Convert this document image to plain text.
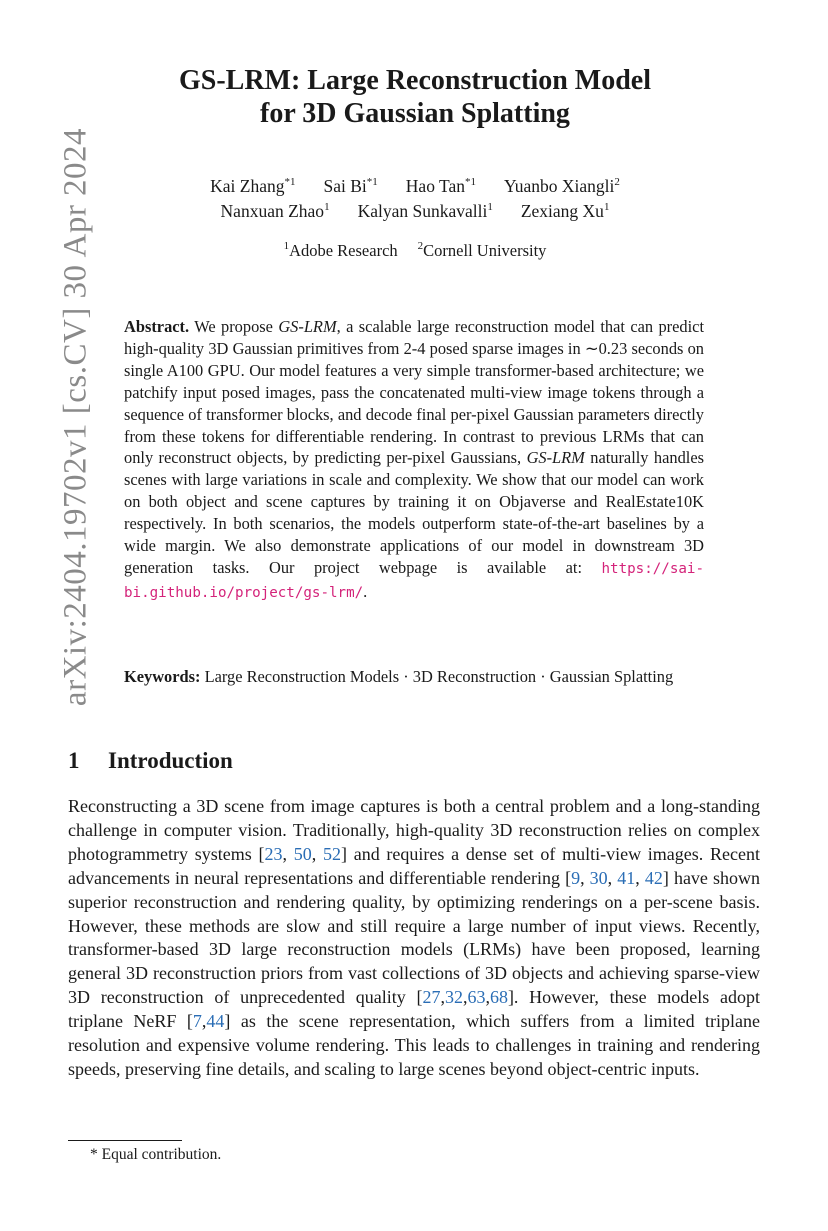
arXiv:2404.19702v1 [cs.CV] 30 Apr 2024
GS-LRM: Large Reconstruction Model
for 3D Gaussian Splatting
Kai Zhang$^{*1}$ Sai Bi$^{*1}$ Hao Tan$^{*1}$ Yuanbo Xiangli$^2$
Nanxuan Zhao$^1$ Kalyan Sunkavalli$^1$ Zexiang Xu$^1$
$^1$Adobe Research $^2$Cornell University
Abstract. We propose GS-LRM, a scalable large reconstruction model that can predict high-quality 3D Gaussian primitives from 2-4 posed sparse images in ∼0.23 seconds on single A100 GPU. Our model features a very simple transformer-based architecture; we patchify input posed images, pass the concatenated multi-view image tokens through a sequence of transformer blocks, and decode final per-pixel Gaussian parameters directly from these tokens for differentiable rendering. In contrast to previous LRMs that can only reconstruct objects, by predicting per-pixel Gaussians, GS-LRM naturally handles scenes with large variations in scale and complexity. We show that our model can work on both object and scene captures by training it on Objaverse and RealEstate10K respectively. In both scenarios, the models outperform state-of-the-art baselines by a wide margin. We also demonstrate applications of our model in downstream 3D generation tasks. Our project webpage is available at: https://sai-bi.github.io/project/gs-lrm/.
Keywords: Large Reconstruction Models · 3D Reconstruction · Gaussian Splatting
1 Introduction
Reconstructing a 3D scene from image captures is both a central problem and a long-standing challenge in computer vision. Traditionally, high-quality 3D reconstruction relies on complex photogrammetry systems [23, 50, 52] and requires a dense set of multi-view images. Recent advancements in neural representations and differentiable rendering [9, 30, 41, 42] have shown superior reconstruction and rendering quality, by optimizing renderings on a per-scene basis. However, these methods are slow and still require a large number of input views. Recently, transformer-based 3D large reconstruction models (LRMs) have been proposed, learning general 3D reconstruction priors from vast collections of 3D objects and achieving sparse-view 3D reconstruction of unprecedented quality [27,32,63,68]. However, these models adopt triplane NeRF [7,44] as the scene representation, which suffers from a limited triplane resolution and expensive volume rendering. This leads to challenges in training and rendering speeds, preserving fine details, and scaling to large scenes beyond object-centric inputs.
* Equal contribution.
